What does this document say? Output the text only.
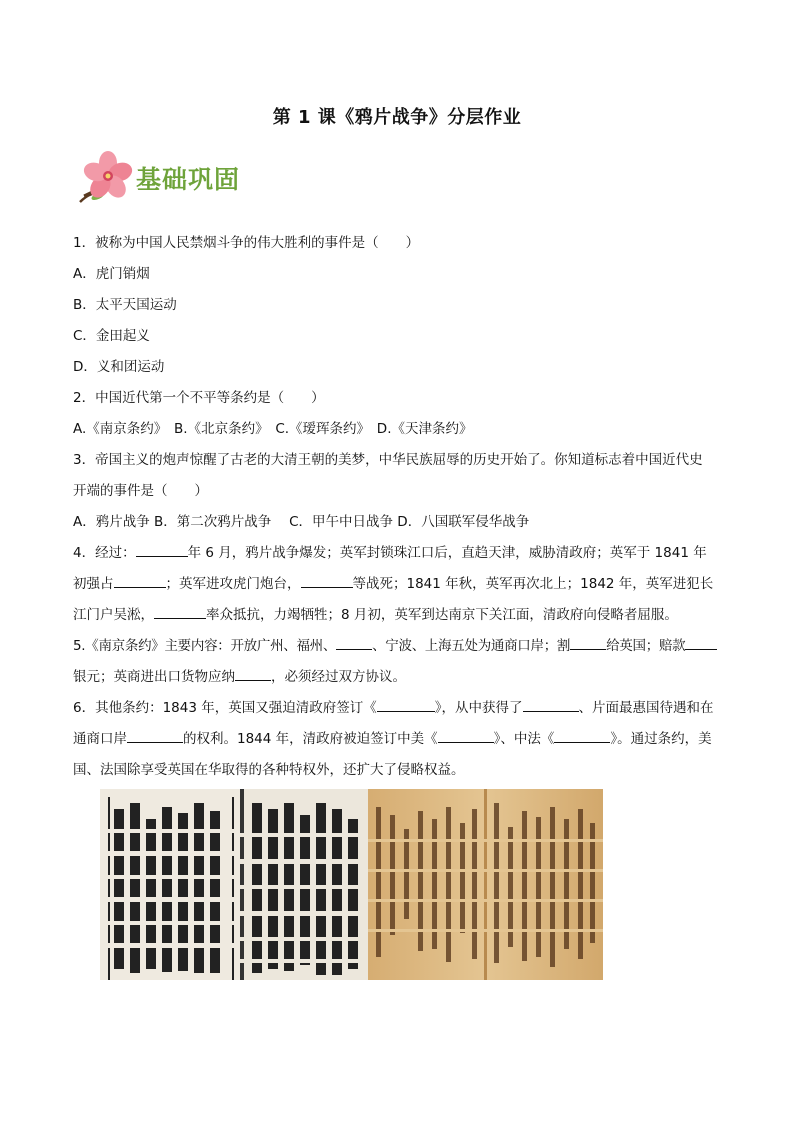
第 1 课《鸦片战争》分层作业
基础巩固
1．被称为中国人民禁烟斗争的伟大胜利的事件是（　　）
A．虎门销烟
B．太平天国运动
C．金田起义
D．义和团运动
2．中国近代第一个不平等条约是（　　）
A.《南京条约》　B.《北京条约》　C.《瑷珲条约》　D.《天津条约》
3．帝国主义的炮声惊醒了古老的大清王朝的美梦，中华民族屈辱的历史开始了。你知道标志着中国近代史
开端的事件是（　　）
A．鸦片战争 B．第二次鸦片战争　 C．甲午中日战争 D．八国联军侵华战争
4．经过：	年 6 月，鸦片战争爆发；英军封锁珠江口后，直趋天津，威胁清政府；英军于 1841 年
初强占	；英军进攻虎门炮台，	等战死；1841 年秋，英军再次北上；1842 年，英军进犯长
江门户吴淞，	率众抵抗，力竭牺牲；8 月初，英军到达南京下关江面，清政府向侵略者屈服。
5.《南京条约》主要内容：开放广州、福州、	、宁波、上海五处为通商口岸；割	给英国；赔款
银元；英商进出口货物应纳	，必须经过双方协议。
6．其他条约：1843 年，英国又强迫清政府签订《	》，从中获得了	、片面最惠国待遇和在
通商口岸	的权利。1844 年，清政府被迫签订中美《	》、中法《	》。通过条约，美
国、法国除享受英国在华取得的各种特权外，还扩大了侵略权益。
